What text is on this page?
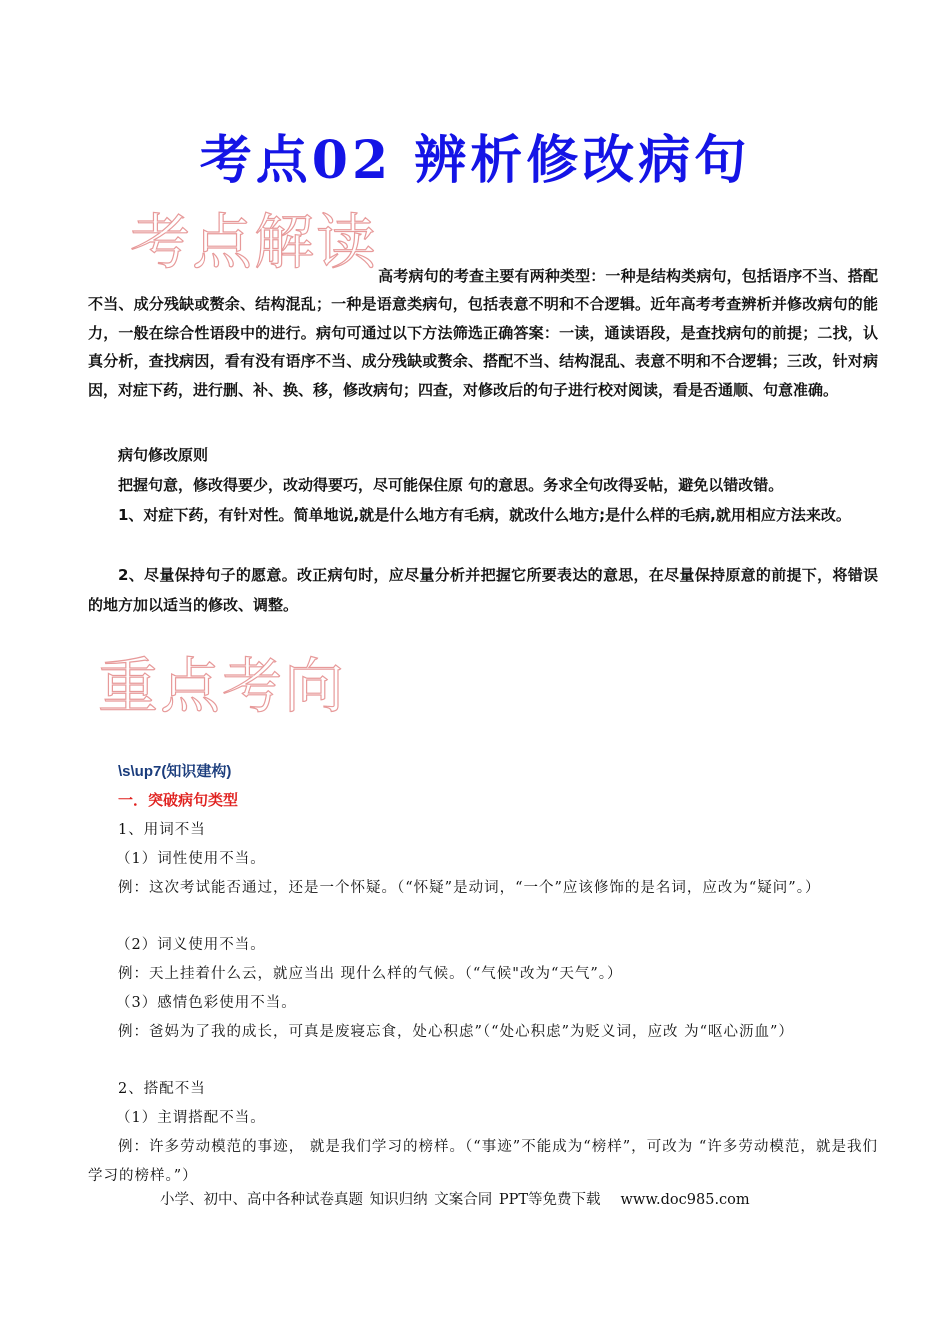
考点02 辨析修改病句
考点解读 高考病句的考查主要有两种类型：一种是结构类病句，包括语序不当、搭配不当、成分残缺或赘余、结构混乱；一种是语意类病句，包括表意不明和不合逻辑。近年高考考查辨析并修改病句的能力，一般在综合性语段中的进行。病句可通过以下方法筛选正确答案：一读，通读语段，是查找病句的前提；二找，认真分析，查找病因，看有没有语序不当、成分残缺或赘余、搭配不当、结构混乱、表意不明和不合逻辑；三改，针对病因，对症下药，进行删、补、换、移，修改病句；四查，对修改后的句子进行校对阅读，看是否通顺、句意准确。
病句修改原则
把握句意，修改得要少，改动得要巧，尽可能保住原 句的意思。务求全句改得妥帖，避免以错改错。
1、对症下药，有针对性。简单地说,就是什么地方有毛病，就改什么地方;是什么样的毛病,就用相应方法来改。
2、尽量保持句子的愿意。改正病句时，应尽量分析并把握它所要表达的意思，在尽量保持原意的前提下，将错误的地方加以适当的修改、调整。
重点考向
\s\up7(知识建构)
一．突破病句类型
1、用词不当
（1）词性使用不当。
例：这次考试能否通过，还是一个怀疑。（“怀疑”是动词，“一个”应该修饰的是名词，应改为“疑问”。）
（2）词义使用不当。
例：天上挂着什么云，就应当出 现什么样的气候。（“气候"改为“天气”。）
（3）感情色彩使用不当。
例：爸妈为了我的成长，可真是废寝忘食，处心积虑”（“处心积虑”为贬义词，应改 为“呕心沥血”）
2、搭配不当
（1）主谓搭配不当。
例：许多劳动模范的事迹， 就是我们学习的榜样。（“事迹”不能成为“榜样”，可改为 “许多劳动模范，就是我们学习的榜样。”）
小学、初中、高中各种试卷真题 知识归纳 文案合同 PPT等免费下载 www.doc985.com
